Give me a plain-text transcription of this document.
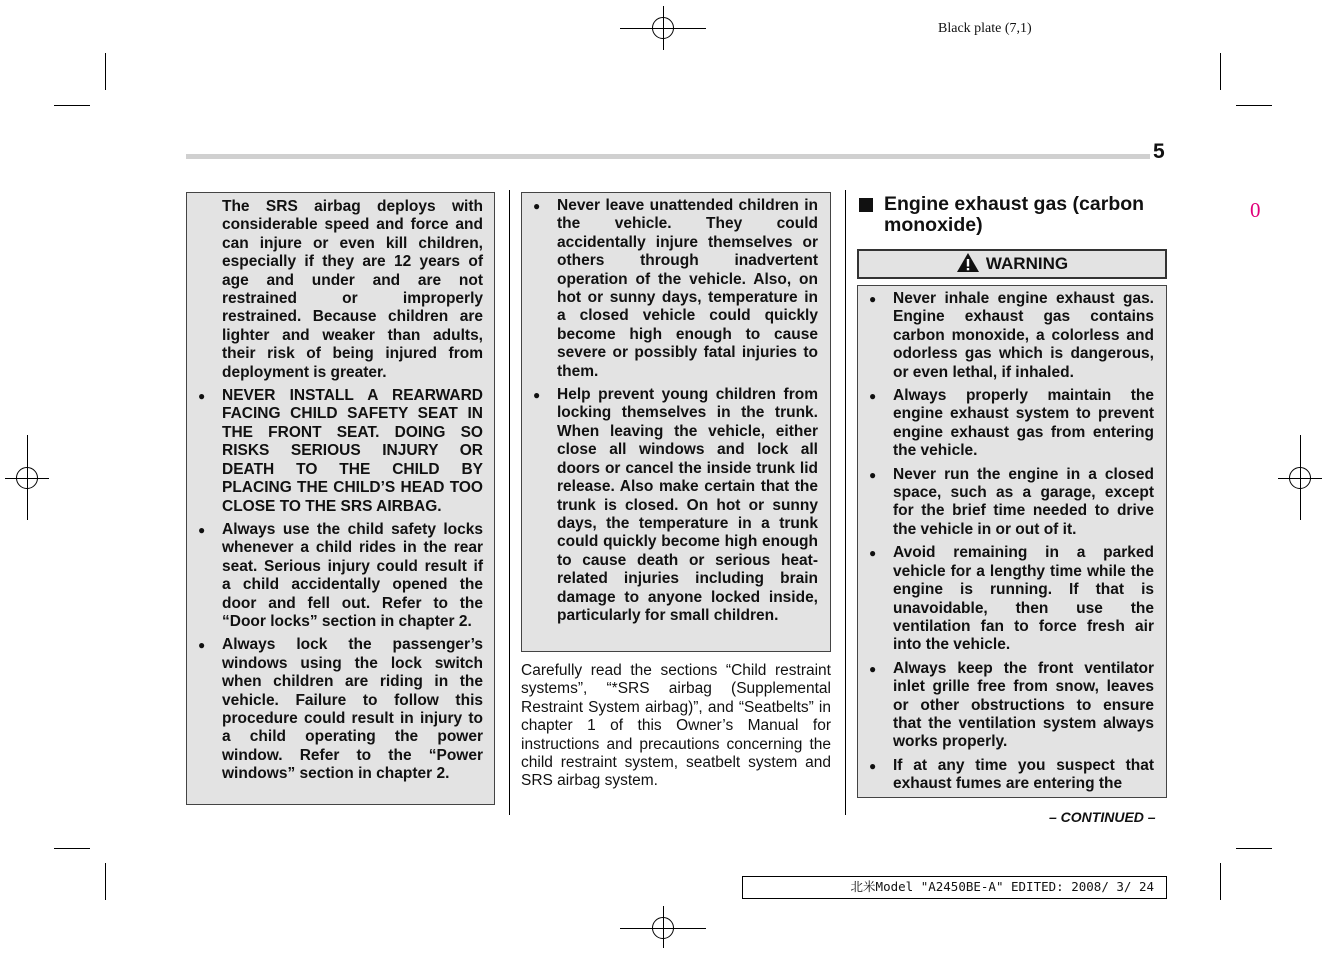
Black plate (7,1)
5
0
The SRS airbag deploys with considerable speed and force and can injure or even kill children, especially if they are 12 years of age and under and are not restrained or improperly restrained. Because children are lighter and weaker than adults, their risk of being injured from deployment is greater.
● NEVER INSTALL A REARWARD FACING CHILD SAFETY SEAT IN THE FRONT SEAT. DOING SO RISKS SERIOUS INJURY OR DEATH TO THE CHILD BY PLACING THE CHILD’S HEAD TOO CLOSE TO THE SRS AIRBAG.
● Always use the child safety locks whenever a child rides in the rear seat. Serious injury could result if a child accidentally opened the door and fell out. Refer to the “Door locks” section in chapter 2.
● Always lock the passenger’s windows using the lock switch when children are riding in the vehicle. Failure to follow this procedure could result in injury to a child operating the power window. Refer to the “Power windows” section in chapter 2.
● Never leave unattended children in the vehicle. They could accidentally injure themselves or others through inadvertent operation of the vehicle. Also, on hot or sunny days, temperature in a closed vehicle could quickly become high enough to cause severe or possibly fatal injuries to them.
● Help prevent young children from locking themselves in the trunk. When leaving the vehicle, either close all windows and lock all doors or cancel the inside trunk lid release. Also make certain that the trunk is closed. On hot or sunny days, the temperature in a trunk could quickly become high enough to cause death or serious heat-related injuries including brain damage to anyone locked inside, particularly for small children.
Carefully read the sections “Child restraint systems”, “*SRS airbag (Supplemental Restraint System airbag)”, and “Seatbelts” in chapter 1 of this Owner’s Manual for instructions and precautions concerning the child restraint system, seatbelt system and SRS airbag system.
Engine exhaust gas (carbon monoxide)
WARNING
● Never inhale engine exhaust gas. Engine exhaust gas contains carbon monoxide, a colorless and odorless gas which is dangerous, or even lethal, if inhaled.
● Always properly maintain the engine exhaust system to prevent engine exhaust gas from entering the vehicle.
● Never run the engine in a closed space, such as a garage, except for the brief time needed to drive the vehicle in or out of it.
● Avoid remaining in a parked vehicle for a lengthy time while the engine is running. If that is unavoidable, then use the ventilation fan to force fresh air into the vehicle.
● Always keep the front ventilator inlet grille free from snow, leaves or other obstructions to ensure that the ventilation system always works properly.
● If at any time you suspect that exhaust fumes are entering the
– CONTINUED –
北米Model "A2450BE-A" EDITED: 2008/ 3/ 24
